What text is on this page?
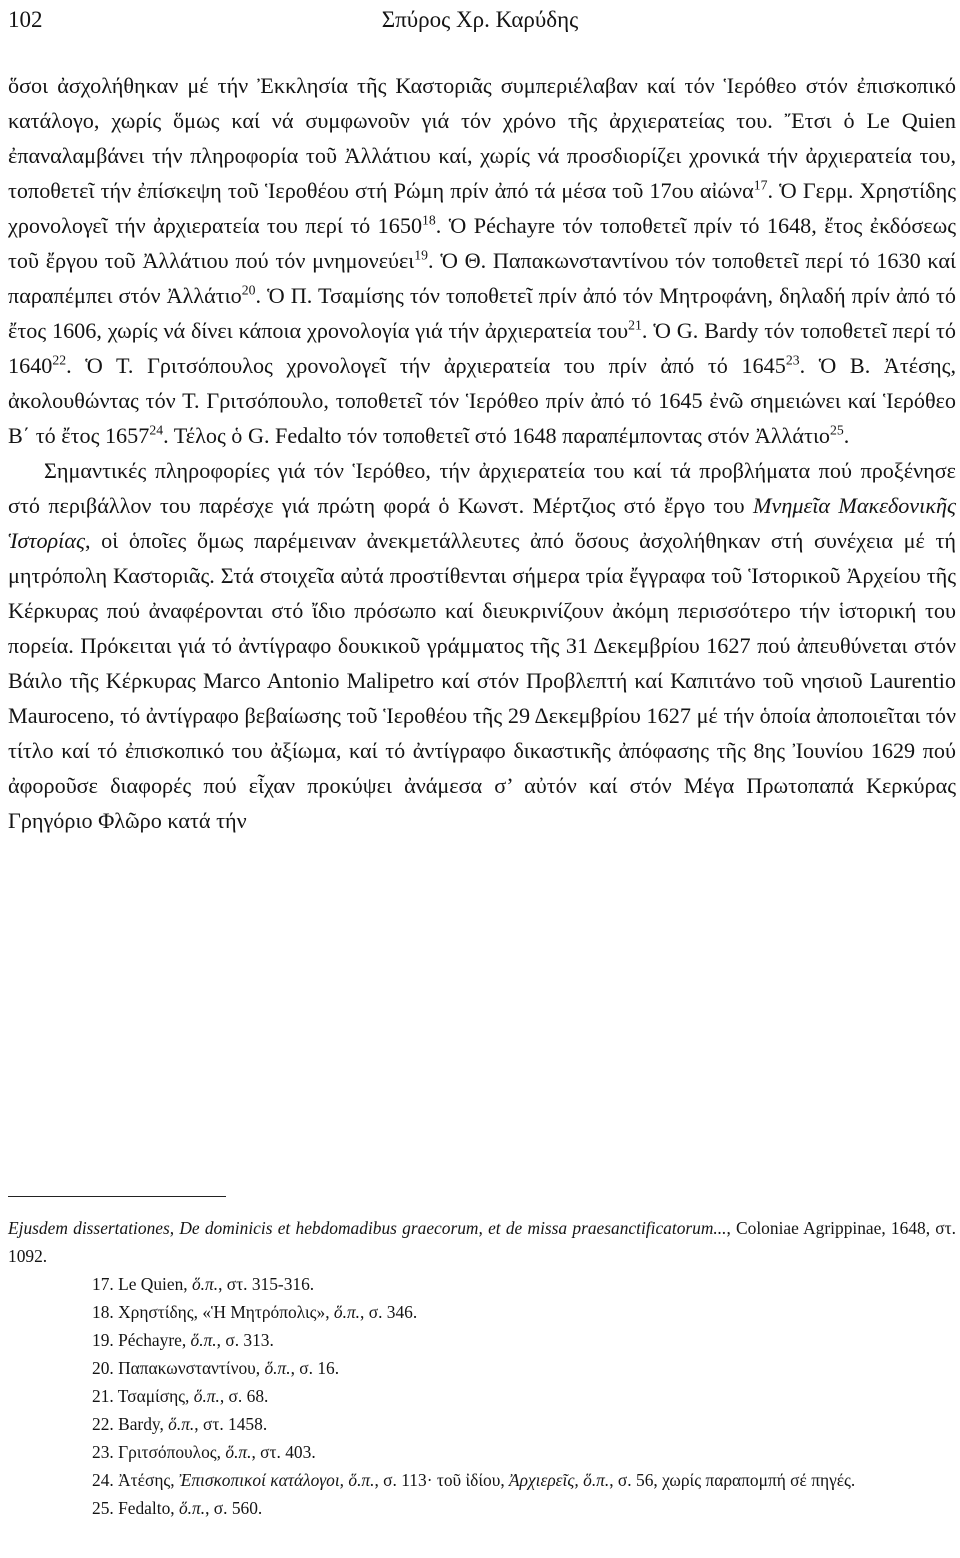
102	Σπύρος Χρ. Καρύδης

ὅσοι ἀσχολήθηκαν μέ τήν Ἐκκλησία τῆς Καστοριᾶς συμπεριέλαβαν καί τόν Ἱερόθεο στόν ἐπισκοπικό κατάλογο, χωρίς ὅμως καί νά συμφωνοῦν γιά τόν χρόνο τῆς ἀρχιερατείας του. Ἔτσι ὁ Le Quien ἐπαναλαμβάνει τήν πληροφορία τοῦ Ἀλλάτιου καί, χωρίς νά προσδιορίζει χρονικά τήν ἀρχιερατεία του, τοποθετεῖ τήν ἐπίσκεψη τοῦ Ἱεροθέου στή Ρώμη πρίν ἀπό τά μέσα τοῦ 17ου αἰώνα$^{17}$. Ὁ Γερμ. Χρηστίδης χρονολογεῖ τήν ἀρχιερατεία του περί τό 1650$^{18}$. Ὁ Péchayre τόν τοποθετεῖ πρίν τό 1648, ἔτος ἐκδόσεως τοῦ ἔργου τοῦ Ἀλλάτιου πού τόν μνημονεύει$^{19}$. Ὁ Θ. Παπακωνσταντίνου τόν τοποθετεῖ περί τό 1630 καί παραπέμπει στόν Ἀλλάτιο$^{20}$. Ὁ Π. Τσαμίσης τόν τοποθετεῖ πρίν ἀπό τόν Μητροφάνη, δηλαδή πρίν ἀπό τό ἔτος 1606, χωρίς νά δίνει κάποια χρονολογία γιά τήν ἀρχιερατεία του$^{21}$. Ὁ G. Bardy τόν τοποθετεῖ περί τό 1640$^{22}$. Ὁ Τ. Γριτσόπουλος χρονολογεῖ τήν ἀρχιερατεία του πρίν ἀπό τό 1645$^{23}$. Ὁ Β. Ἀτέσης, ἀκολουθώντας τόν Τ. Γριτσόπουλο, τοποθετεῖ τόν Ἱερόθεο πρίν ἀπό τό 1645 ἐνῶ σημειώνει καί Ἱερόθεο Β΄ τό ἔτος 1657$^{24}$. Τέλος ὁ G. Fedalto τόν τοποθετεῖ στό 1648 παραπέμποντας στόν Ἀλλάτιο$^{25}$.

Σημαντικές πληροφορίες γιά τόν Ἱερόθεο, τήν ἀρχιερατεία του καί τά προβλήματα πού προξένησε στό περιβάλλον του παρέσχε γιά πρώτη φορά ὁ Κωνστ. Μέρτζιος στό ἔργο του Μνημεῖα Μακεδονικῆς Ἱστορίας, οἱ ὁποῖες ὅμως παρέμειναν ἀνεκμετάλλευτες ἀπό ὅσους ἀσχολήθηκαν στή συνέχεια μέ τή μητρόπολη Καστοριᾶς. Στά στοιχεῖα αὐτά προστίθενται σήμερα τρία ἔγγραφα τοῦ Ἱστορικοῦ Ἀρχείου τῆς Κέρκυρας πού ἀναφέρονται στό ἴδιο πρόσωπο καί διευκρινίζουν ἀκόμη περισσότερο τήν ἱστορική του πορεία. Πρόκειται γιά τό ἀντίγραφο δουκικοῦ γράμματος τῆς 31 Δεκεμβρίου 1627 πού ἀπευθύνεται στόν Βάιλο τῆς Κέρκυρας Marco Antonio Malipetro καί στόν Προβλεπτή καί Καπιτάνο τοῦ νησιοῦ Laurentio Mauroceno, τό ἀντίγραφο βεβαίωσης τοῦ Ἱεροθέου τῆς 29 Δεκεμβρίου 1627 μέ τήν ὁποία ἀποποιεῖται τόν τίτλο καί τό ἐπισκοπικό του ἀξίωμα, καί τό ἀντίγραφο δικαστικῆς ἀπόφασης τῆς 8ης Ἰουνίου 1629 πού ἀφοροῦσε διαφορές πού εἶχαν προκύψει ἀνάμεσα σ’ αὐτόν καί στόν Μέγα Πρωτοπαπά Κερκύρας Γρηγόριο Φλῶρο κατά τήν

Ejusdem dissertationes, De dominicis et hebdomadibus graecorum, et de missa praesanctificatorum..., Coloniae Agrippinae, 1648, στ. 1092.

17. Le Quien, ὅ.π., στ. 315-316.
18. Χρηστίδης, «Ἡ Μητρόπολις», ὅ.π., σ. 346.
19. Péchayre, ὅ.π., σ. 313.
20. Παπακωνσταντίνου, ὅ.π., σ. 16.
21. Τσαμίσης, ὅ.π., σ. 68.
22. Bardy, ὅ.π., στ. 1458.
23. Γριτσόπουλος, ὅ.π., στ. 403.
24. Ἀτέσης, Ἐπισκοπικοί κατάλογοι, ὅ.π., σ. 113· τοῦ ἰδίου, Ἀρχιερεῖς, ὅ.π., σ. 56, χωρίς παραπομπή σέ πηγές.
25. Fedalto, ὅ.π., σ. 560.
